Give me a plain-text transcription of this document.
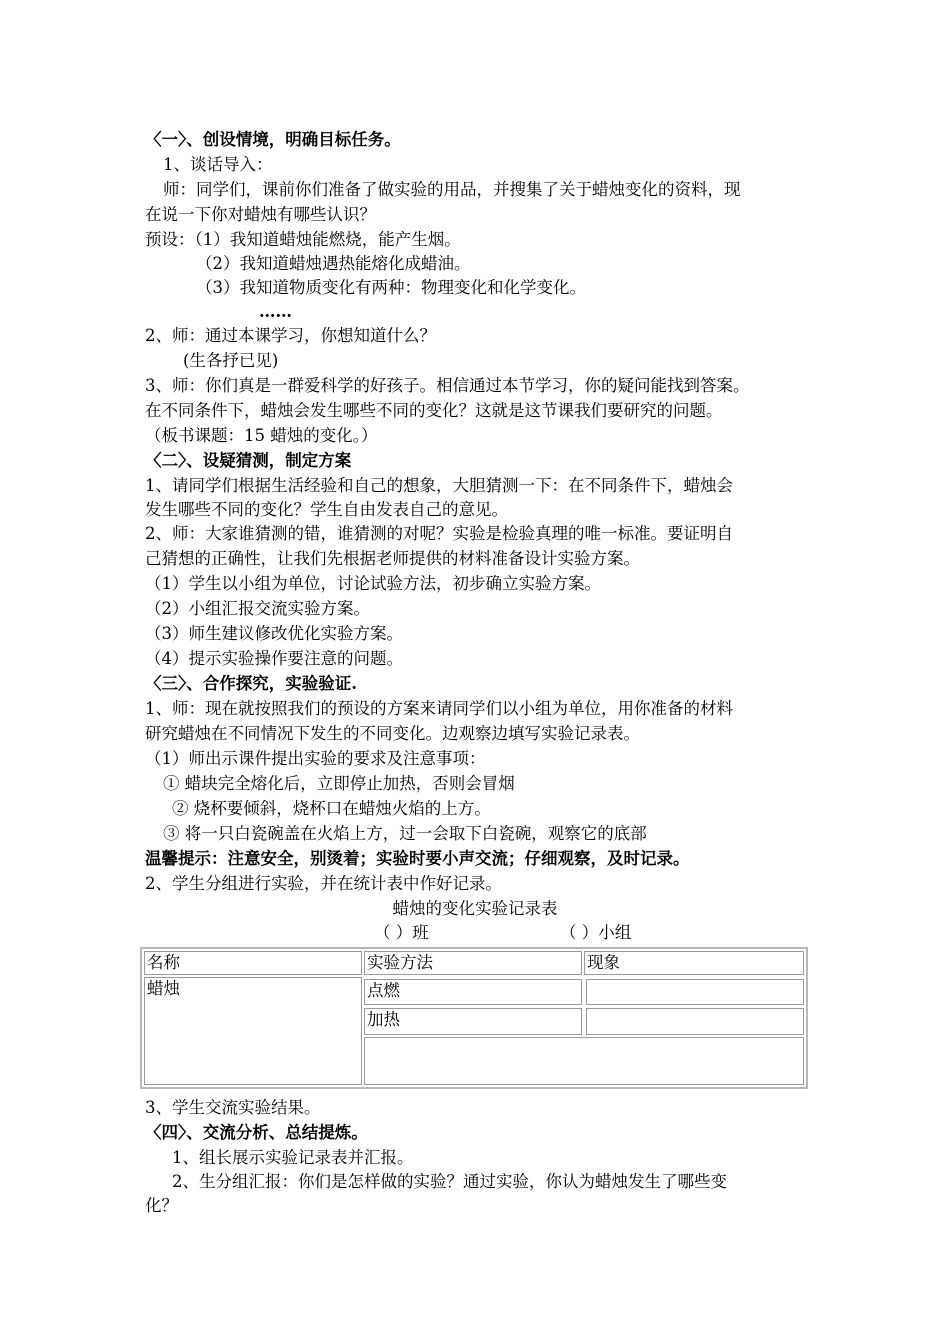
〈一〉、创设情境，明确目标任务。
1、谈话导入：
师：同学们，课前你们准备了做实验的用品，并搜集了关于蜡烛变化的资料，现
在说一下你对蜡烛有哪些认识？
预设：（1）我知道蜡烛能燃烧，能产生烟。
（2）我知道蜡烛遇热能熔化成蜡油。
（3）我知道物质变化有两种：物理变化和化学变化。
……
2、师：通过本课学习，你想知道什么？
(生各抒已见)
3、师：你们真是一群爱科学的好孩子。相信通过本节学习，你的疑问能找到答案。
在不同条件下，蜡烛会发生哪些不同的变化？这就是这节课我们要研究的问题。
（板书课题：15 蜡烛的变化。）
〈二〉、设疑猜测，制定方案
1、请同学们根据生活经验和自己的想象，大胆猜测一下：在不同条件下，蜡烛会
发生哪些不同的变化？学生自由发表自己的意见。
2、师：大家谁猜测的错，谁猜测的对呢？实验是检验真理的唯一标准。要证明自
己猜想的正确性，让我们先根据老师提供的材料准备设计实验方案。
（1）学生以小组为单位，讨论试验方法，初步确立实验方案。
（2）小组汇报交流实验方案。
（3）师生建议修改优化实验方案。
（4）提示实验操作要注意的问题。
〈三〉、合作探究，实验验证.
1、师：现在就按照我们的预设的方案来请同学们以小组为单位，用你准备的材料
研究蜡烛在不同情况下发生的不同变化。边观察边填写实验记录表。
（1）师出示课件提出实验的要求及注意事项：
① 蜡块完全熔化后，立即停止加热，否则会冒烟
② 烧杯要倾斜，烧杯口在蜡烛火焰的上方。
③ 将一只白瓷碗盖在火焰上方，过一会取下白瓷碗，观察它的底部
温馨提示：注意安全，别烫着；实验时要小声交流；仔细观察，及时记录。
2、学生分组进行实验，并在统计表中作好记录。
蜡烛的变化实验记录表
（ ）班	（ ）小组
名称	实验方法	现象
蜡烛	点燃
加热
3、学生交流实验结果。
〈四〉、交流分析、总结提炼。
1、组长展示实验记录表并汇报。
2、生分组汇报：你们是怎样做的实验？通过实验，你认为蜡烛发生了哪些变
化？
